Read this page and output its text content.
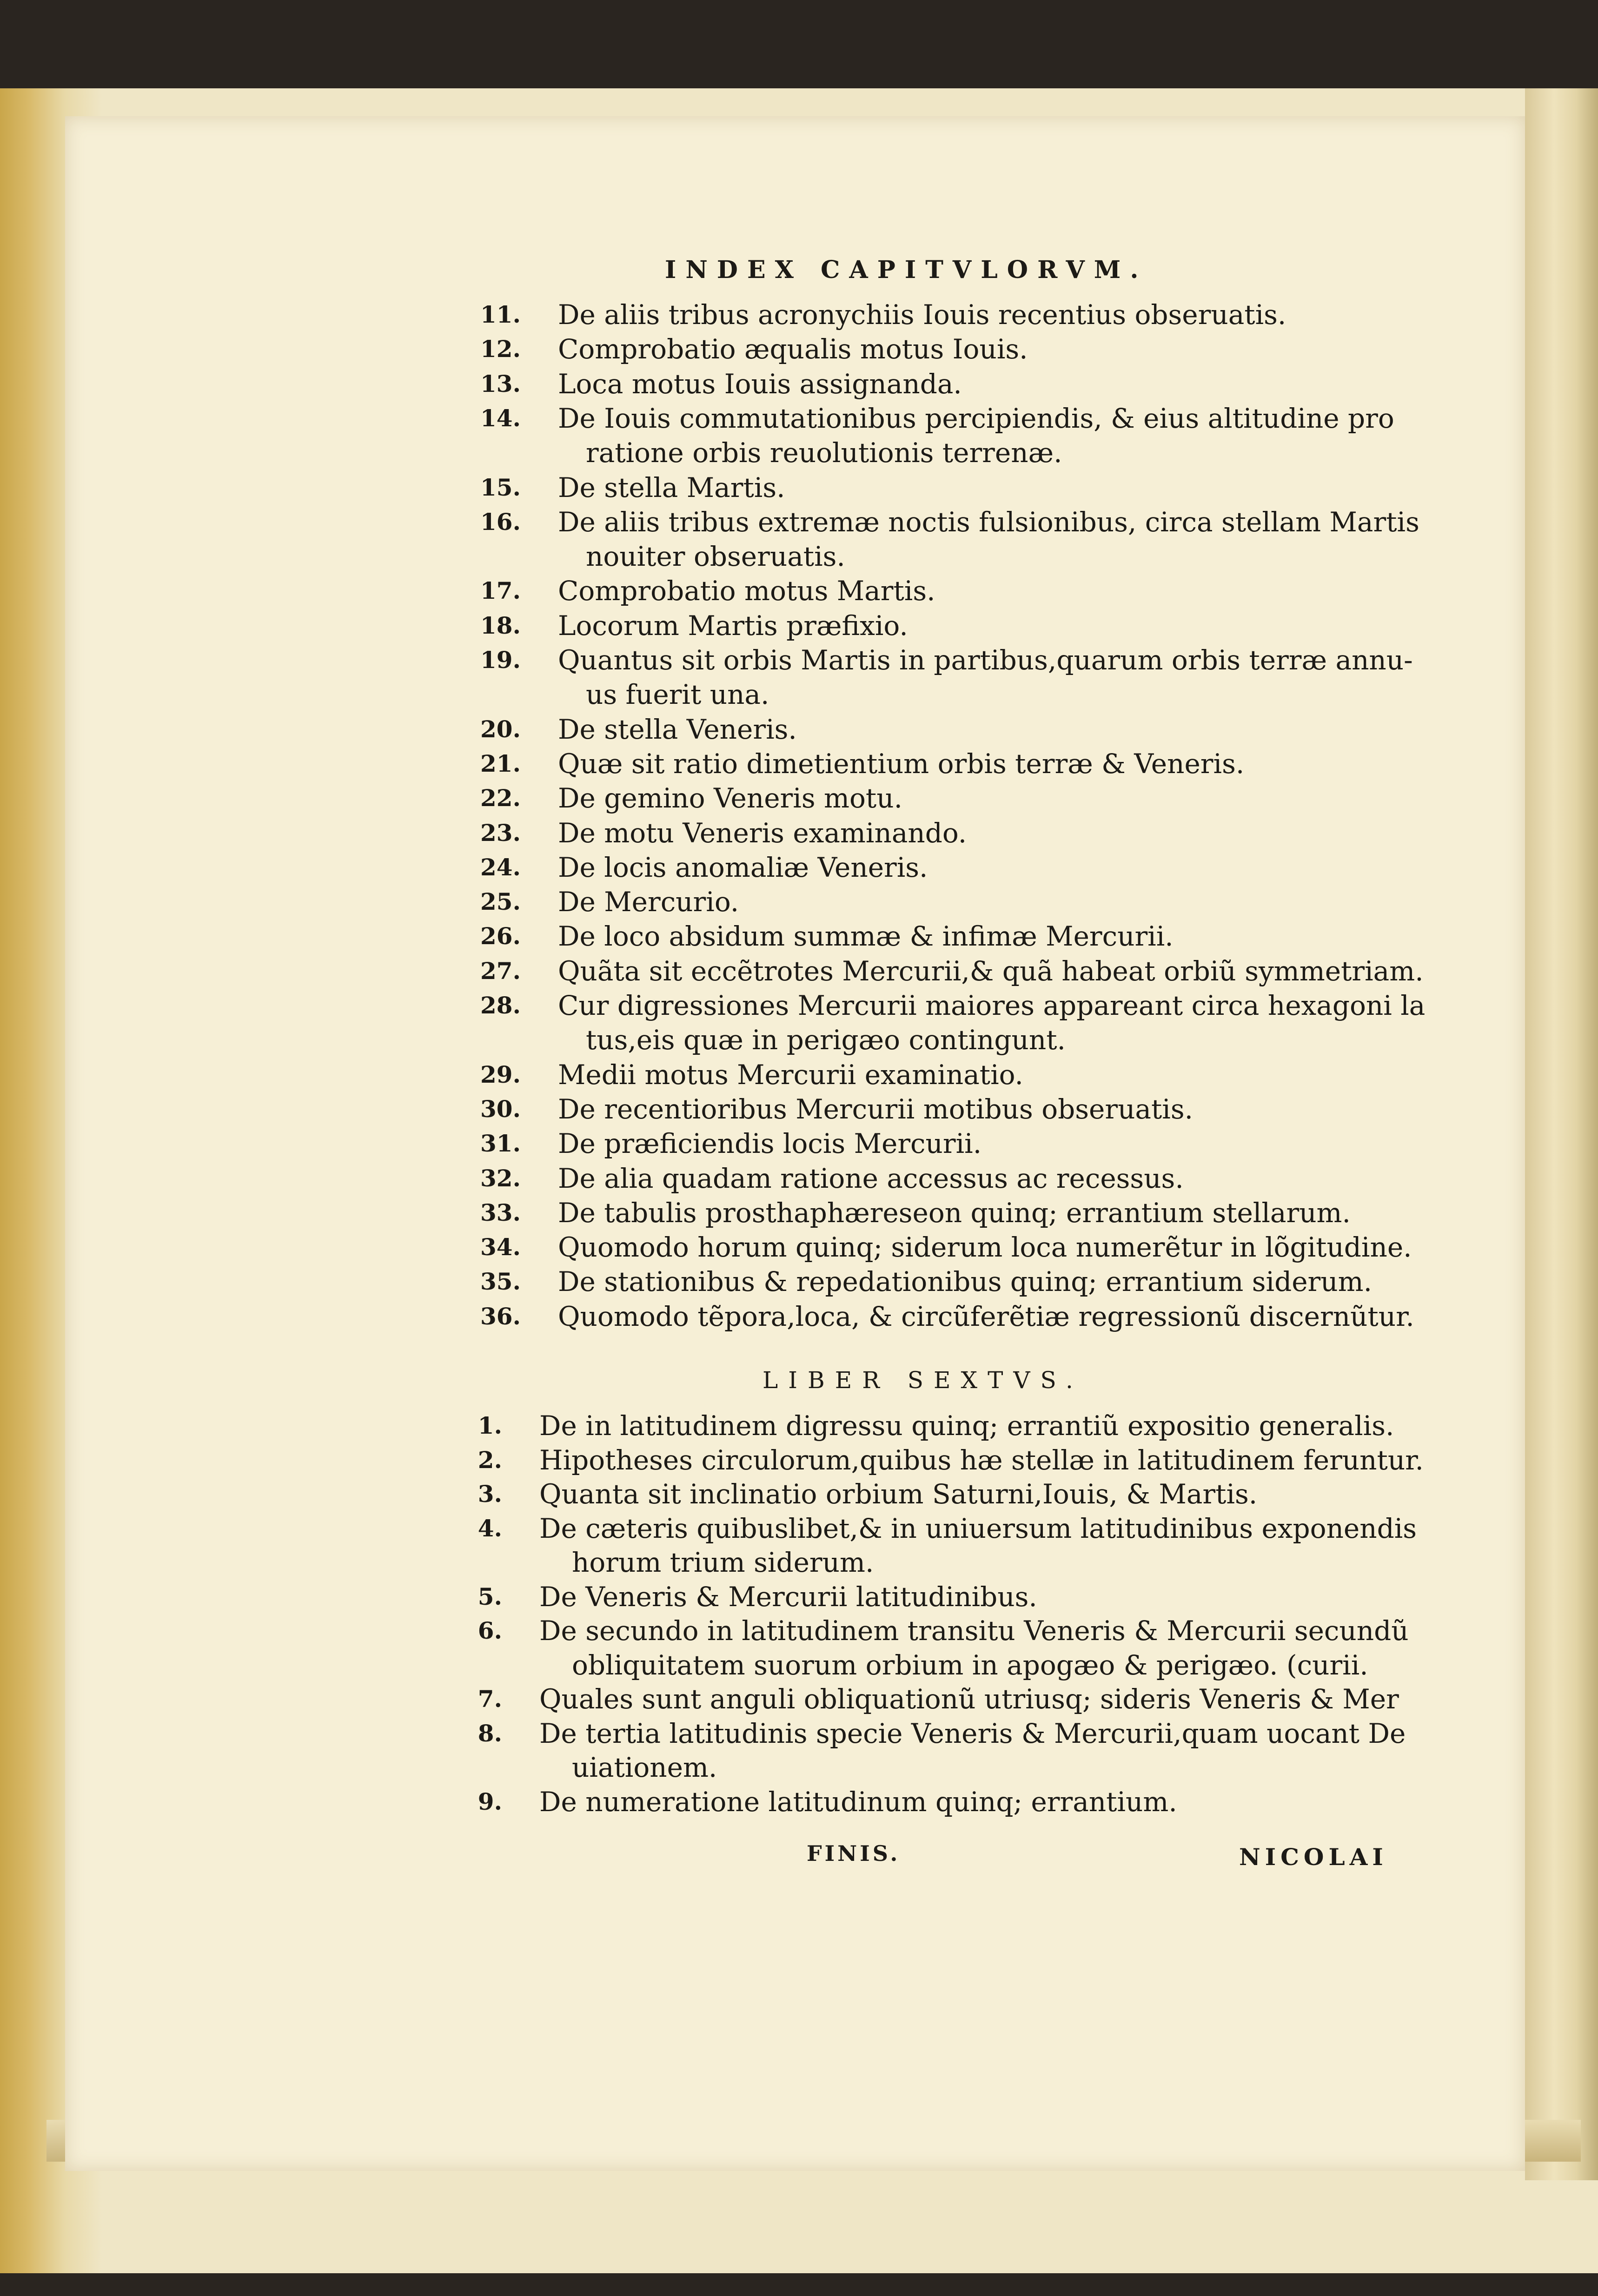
INDEX CAPITVLORVM.
11. De aliis tribus acronychiis Iouis recentius obseruatis.
12. Comprobatio æqualis motus Iouis.
13. Loca motus Iouis assignanda.
14. De Iouis commutationibus percipiendis, & eius altitudine pro
ratione orbis reuolutionis terrenæ.
15. De stella Martis.
16. De aliis tribus extremæ noctis fulsionibus, circa stellam Martis
nouiter obseruatis.
17. Comprobatio motus Martis.
18. Locorum Martis præfixio.
19. Quantus sit orbis Martis in partibus,quarum orbis terræ annu-
us fuerit una.
20. De stella Veneris.
21. Quæ sit ratio dimetientium orbis terræ & Veneris.
22. De gemino Veneris motu.
23. De motu Veneris examinando.
24. De locis anomaliæ Veneris.
25. De Mercurio.
26. De loco absidum summæ & infimæ Mercurii.
27. Quãta sit eccẽtrotes Mercurii,& quã habeat orbiũ symmetriam.
28. Cur digressiones Mercurii maiores appareant circa hexagoni la
tus,eis quæ in perigæo contingunt.
29. Medii motus Mercurii examinatio.
30. De recentioribus Mercurii motibus obseruatis.
31. De præficiendis locis Mercurii.
32. De alia quadam ratione accessus ac recessus.
33. De tabulis prosthaphæreseon quinq; errantium stellarum.
34. Quomodo horum quinq; siderum loca numerẽtur in lõgitudine.
35. De stationibus & repedationibus quinq; errantium siderum.
36. Quomodo tẽpora,loca, & circũferẽtiæ regressionũ discernũtur.
1. De in latitudinem digressu quinq; errantiũ expositio generalis.
2. Hipotheses circulorum,quibus hæ stellæ in latitudinem feruntur.
3. Quanta sit inclinatio orbium Saturni,Iouis, & Martis.
4. De cæteris quibuslibet,& in uniuersum latitudinibus exponendis
horum trium siderum.
5. De Veneris & Mercurii latitudinibus.
6. De secundo in latitudinem transitu Veneris & Mercurii secundũ
obliquitatem suorum orbium in apogæo & perigæo. (curii.
7. Quales sunt anguli obliquationũ utriusq; sideris Veneris & Mer
8. De tertia latitudinis specie Veneris & Mercurii,quam uocant De
uiationem.
9. De numeratione latitudinum quinq; errantium.
LIBER SEXTVS.
FINIS.	NICOLAI
